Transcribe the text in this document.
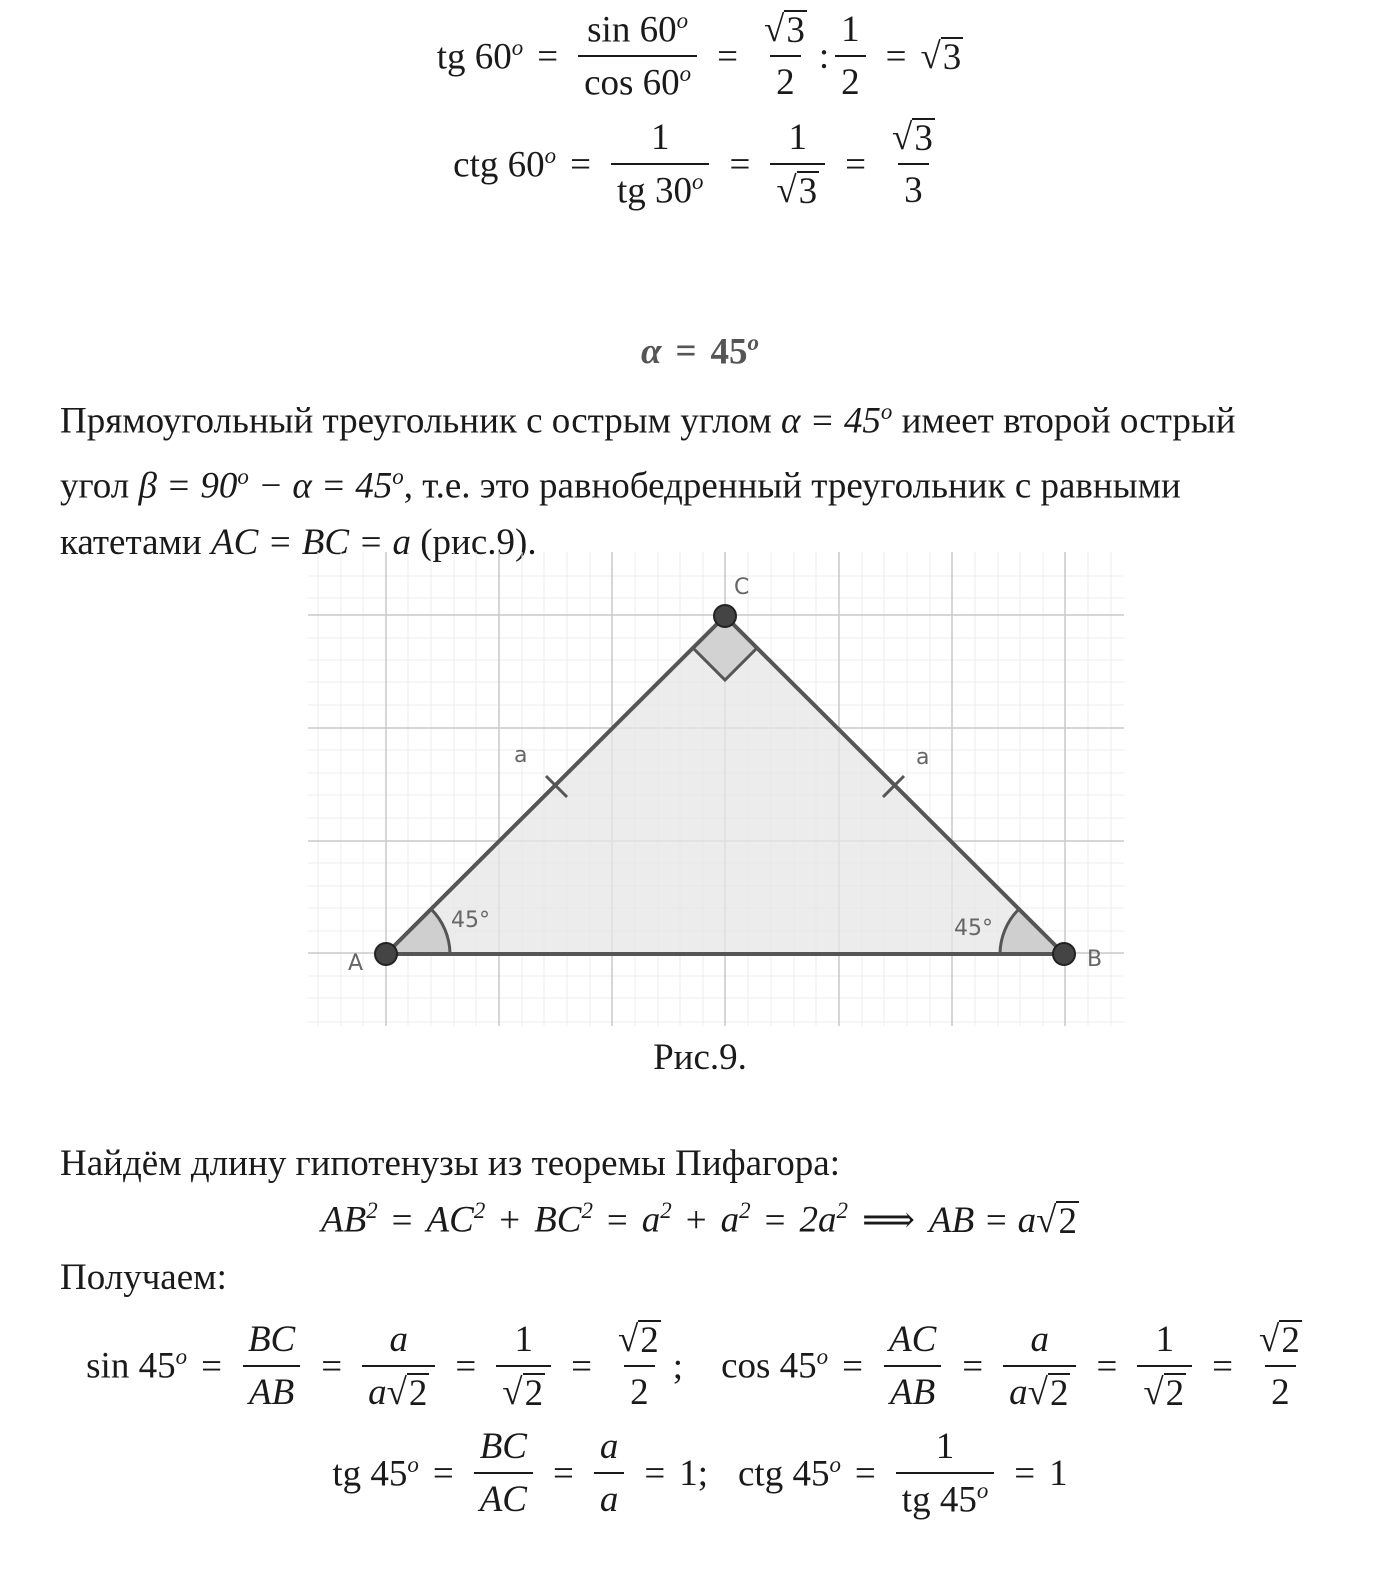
tg $60^o = \frac{\sin 60^o}{\cos 60^o} = \frac{√ 3}{2}$ : $\frac{1}{2}$ = √ 3
ctg $60^o = \frac{1}{tg 30^o} = \frac{1}{√ 3} = \frac{√ 3}{3}$
$\alpha = 45^o$
Прямоугольный треугольник с острым углом $\alpha = 45^o$ имеет второй острый
угол $\beta = 90^o - \alpha = 45^o$, т.е. это равнобедренный треугольник с равными
катетами AC = BC = a (рис.9).
A	B
C
a	a
45°	45°
Рис.9.
Найдём длину гипотенузы из теоремы Пифагора:
$AB^2 = AC^2 + BC^2 = a^2 + a^2 = 2a^2$ ⟹ AB = a √ 2
Получаем:
$\sin 45^o = \frac{BC}{AB} = \frac{a}{a √ 2} = \frac{1}{√ 2} = \frac{√ 2}{2}$ ; $\cos 45^o = \frac{AC}{AB} = \frac{a}{a √ 2} = \frac{1}{√ 2} = \frac{√ 2}{2}$
tg $45^o = \frac{BC}{AC} = \frac{a}{a} = 1$ ; ctg $45^o = \frac{1}{tg 45^o} = 1$
